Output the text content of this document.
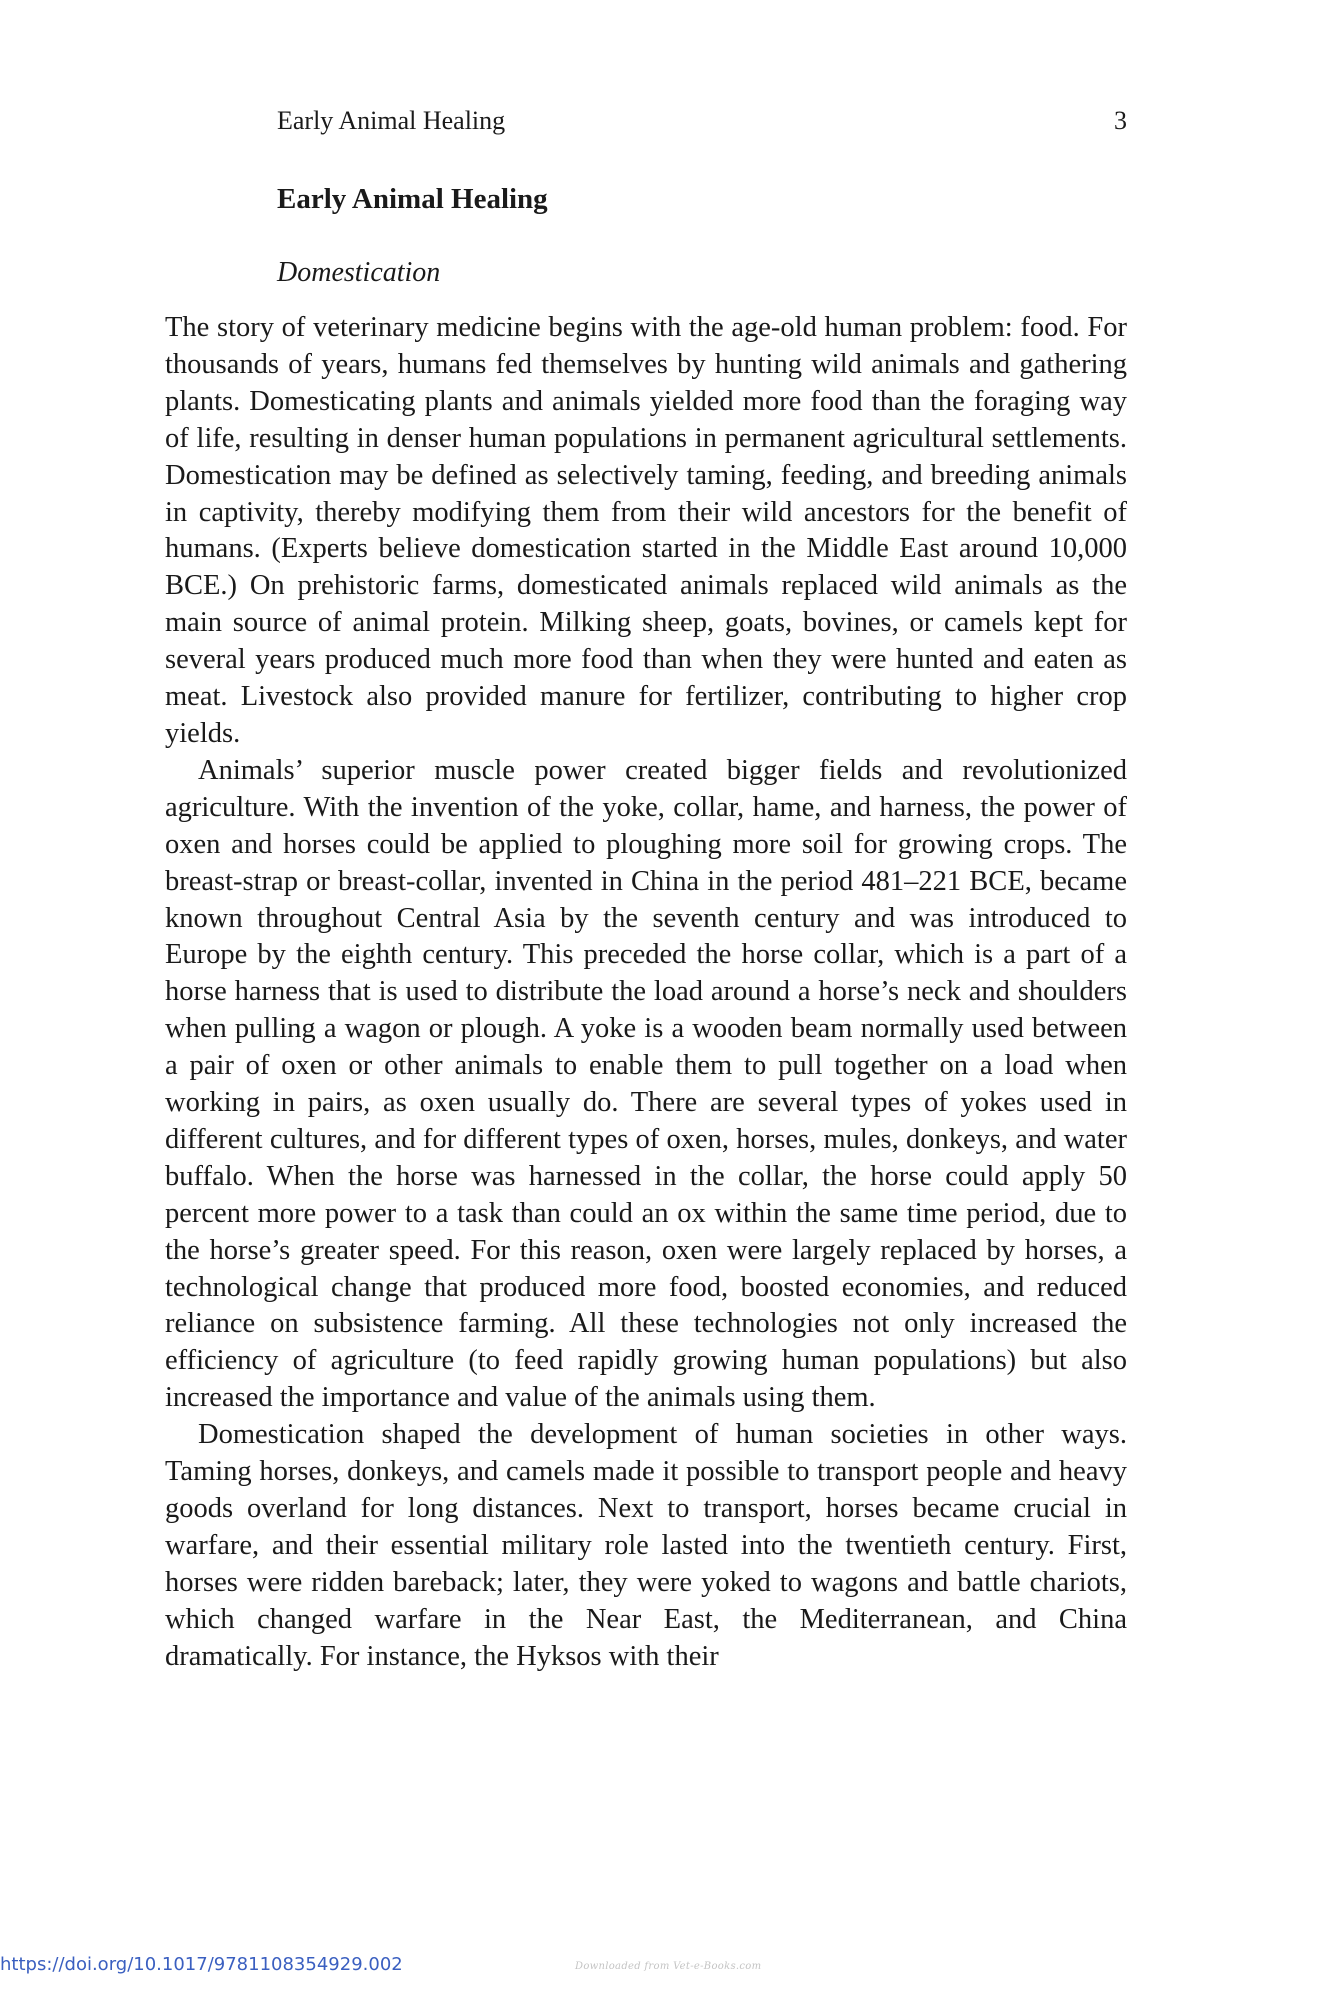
Early Animal Healing	3
Early Animal Healing
Domestication

The story of veterinary medicine begins with the age-old human problem: food. For thousands of years, humans fed themselves by hunting wild animals and gathering plants. Domesticating plants and animals yielded more food than the foraging way of life, resulting in denser human populations in permanent agricultural settlements. Domestication may be defined as selectively taming, feeding, and breeding animals in captivity, thereby modifying them from their wild ancestors for the benefit of humans. (Experts believe domestication started in the Middle East around 10,000 BCE.) On prehistoric farms, domesticated animals replaced wild animals as the main source of animal protein. Milking sheep, goats, bovines, or camels kept for several years produced much more food than when they were hunted and eaten as meat. Livestock also provided manure for fertilizer, contributing to higher crop yields.

Animals’ superior muscle power created bigger fields and revolutionized agriculture. With the invention of the yoke, collar, hame, and harness, the power of oxen and horses could be applied to ploughing more soil for growing crops. The breast-strap or breast-collar, invented in China in the period 481–221 BCE, became known throughout Central Asia by the seventh century and was introduced to Europe by the eighth century. This preceded the horse collar, which is a part of a horse harness that is used to distribute the load around a horse’s neck and shoulders when pulling a wagon or plough. A yoke is a wooden beam normally used between a pair of oxen or other animals to enable them to pull together on a load when working in pairs, as oxen usually do. There are several types of yokes used in different cultures, and for different types of oxen, horses, mules, donkeys, and water buffalo. When the horse was harnessed in the collar, the horse could apply 50 percent more power to a task than could an ox within the same time period, due to the horse’s greater speed. For this reason, oxen were largely replaced by horses, a technological change that produced more food, boosted economies, and reduced reliance on subsistence farming. All these technologies not only increased the efficiency of agriculture (to feed rapidly growing human populations) but also increased the importance and value of the animals using them.

Domestication shaped the development of human societies in other ways. Taming horses, donkeys, and camels made it possible to transport people and heavy goods overland for long distances. Next to transport, horses became crucial in warfare, and their essential military role lasted into the twentieth century. First, horses were ridden bareback; later, they were yoked to wagons and battle chariots, which changed warfare in the Near East, the Mediterranean, and China dramatically. For instance, the Hyksos with their

https://doi.org/10.1017/9781108354929.002	Downloaded from Vet-e-Books.com
